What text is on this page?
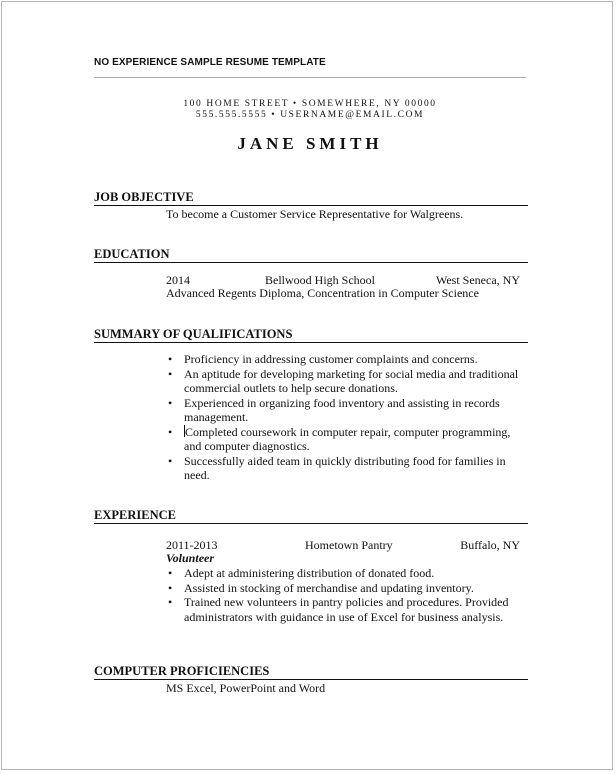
NO EXPERIENCE SAMPLE RESUME TEMPLATE
100 HOME STREET • SOMEWHERE, NY 00000
555.555.5555 • USERNAME@EMAIL.COM
JANE SMITH
JOB OBJECTIVE
To become a Customer Service Representative for Walgreens.
EDUCATION
2014	Bellwood High School	West Seneca, NY
Advanced Regents Diploma, Concentration in Computer Science
SUMMARY OF QUALIFICATIONS
• Proficiency in addressing customer complaints and concerns.
• An aptitude for developing marketing for social media and traditional
commercial outlets to help secure donations.
• Experienced in organizing food inventory and assisting in records
management.
• Completed coursework in computer repair, computer programming,
and computer diagnostics.
• Successfully aided team in quickly distributing food for families in
need.
EXPERIENCE
2011-2013	Hometown Pantry	Buffalo, NY
Volunteer
• Adept at administering distribution of donated food.
• Assisted in stocking of merchandise and updating inventory.
• Trained new volunteers in pantry policies and procedures. Provided
administrators with guidance in use of Excel for business analysis.
COMPUTER PROFICIENCIES
MS Excel, PowerPoint and Word
